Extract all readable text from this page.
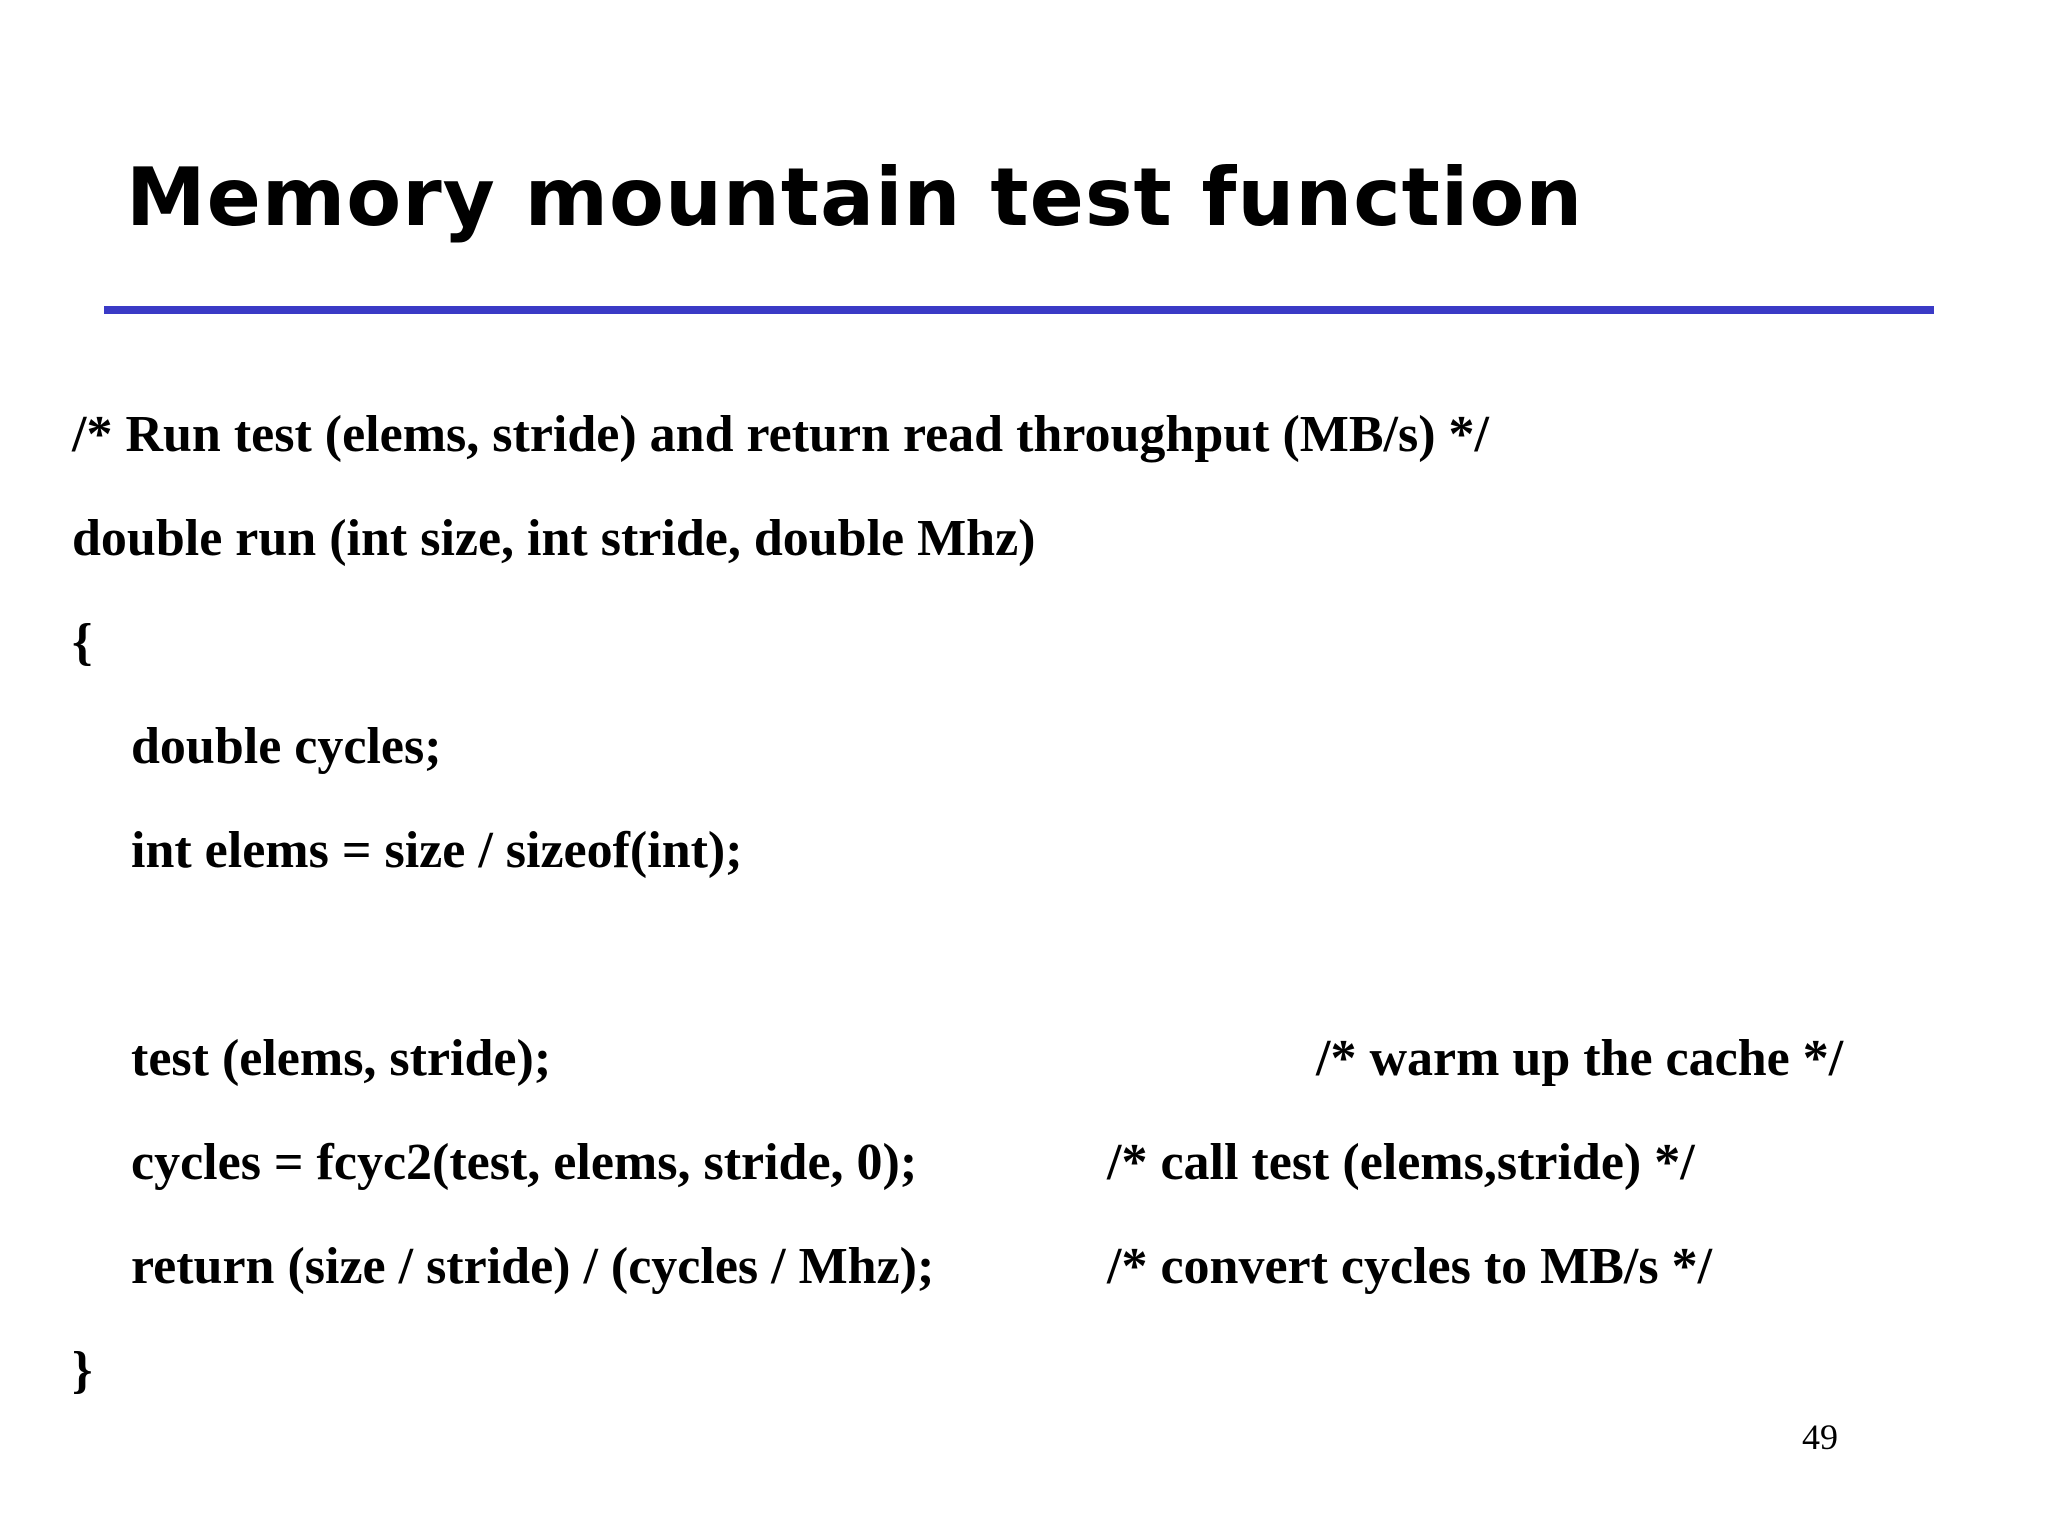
Memory mountain test function
/* Run test (elems, stride) and return read throughput (MB/s) */
double run (int size, int stride, double Mhz)
{
double cycles;
int elems = size / sizeof(int);
test (elems, stride);	/* warm up the cache */
cycles = fcyc2(test, elems, stride, 0);	/* call test (elems,stride) */
return (size / stride) / (cycles / Mhz);	/* convert cycles to MB/s */
}
49
